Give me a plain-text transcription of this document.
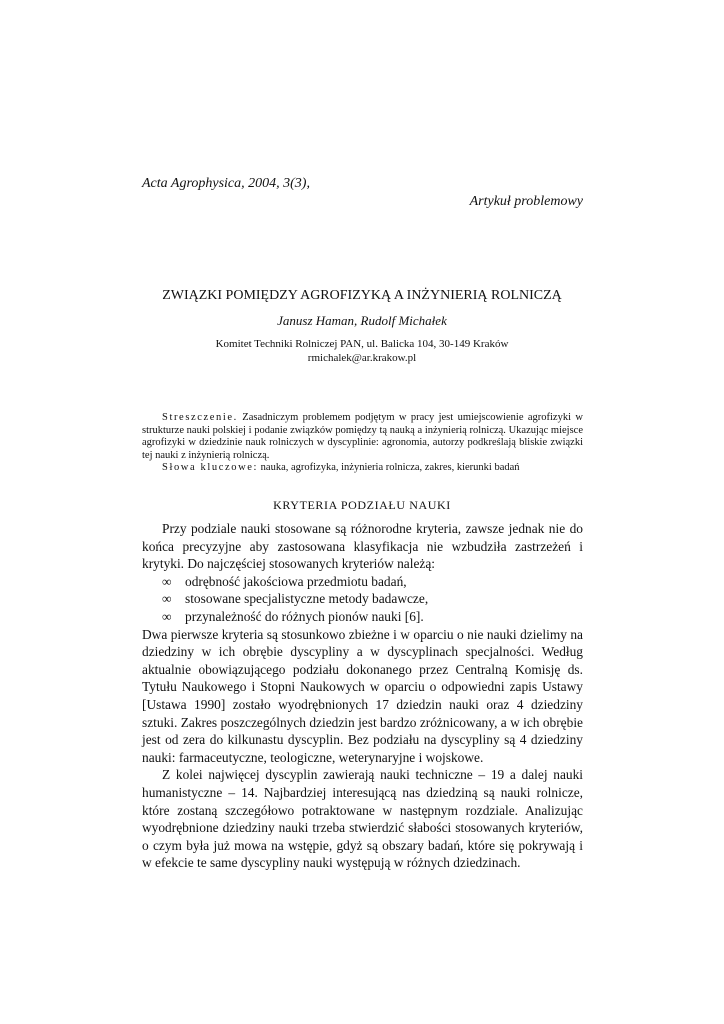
Acta Agrophysica, 2004, 3(3),
Artykuł problemowy
ZWIĄZKI POMIĘDZY AGROFIZYKĄ A INŻYNIERIĄ ROLNICZĄ
Janusz Haman, Rudolf Michałek
Komitet Techniki Rolniczej PAN, ul. Balicka 104, 30-149 Kraków
rmichalek@ar.krakow.pl

Streszczenie. Zasadniczym problemem podjętym w pracy jest umiejscowienie agrofizyki w strukturze nauki polskiej i podanie związków pomiędzy tą nauką a inżynierią rolniczą. Ukazując miejsce agrofizyki w dziedzinie nauk rolniczych w dyscyplinie: agronomia, autorzy podkreślają bliskie związki tej nauki z inżynierią rolniczą.

Słowa kluczowe: nauka, agrofizyka, inżynieria rolnicza, zakres, kierunki badań

KRYTERIA PODZIAŁU NAUKI

Przy podziale nauki stosowane są różnorodne kryteria, zawsze jednak nie do końca precyzyjne aby zastosowana klasyfikacja nie wzbudziła zastrzeżeń i krytyki. Do najczęściej stosowanych kryteriów należą:

∞	odrębność jakościowa przedmiotu badań,
∞	stosowane specjalistyczne metody badawcze,
∞	przynależność do różnych pionów nauki [6].

Dwa pierwsze kryteria są stosunkowo zbieżne i w oparciu o nie nauki dzielimy na dziedziny w ich obrębie dyscypliny a w dyscyplinach specjalności. Według aktualnie obowiązującego podziału dokonanego przez Centralną Komisję ds. Tytułu Naukowego i Stopni Naukowych w oparciu o odpowiedni zapis Ustawy [Ustawa 1990] zostało wyodrębnionych 17 dziedzin nauki oraz 4 dziedziny sztuki. Zakres poszczególnych dziedzin jest bardzo zróżnicowany, a w ich obrębie jest od zera do kilkunastu dyscyplin. Bez podziału na dyscypliny są 4 dziedziny nauki: farmaceutyczne, teologiczne, weterynaryjne i wojskowe.

Z kolei najwięcej dyscyplin zawierają nauki techniczne – 19 a dalej nauki humanistyczne – 14. Najbardziej interesującą nas dziedziną są nauki rolnicze, które zostaną szczegółowo potraktowane w następnym rozdziale. Analizując wyodrębnione dziedziny nauki trzeba stwierdzić słabości stosowanych kryteriów, o czym była już mowa na wstępie, gdyż są obszary badań, które się pokrywają i w efekcie te same dyscypliny nauki występują w różnych dziedzinach.
